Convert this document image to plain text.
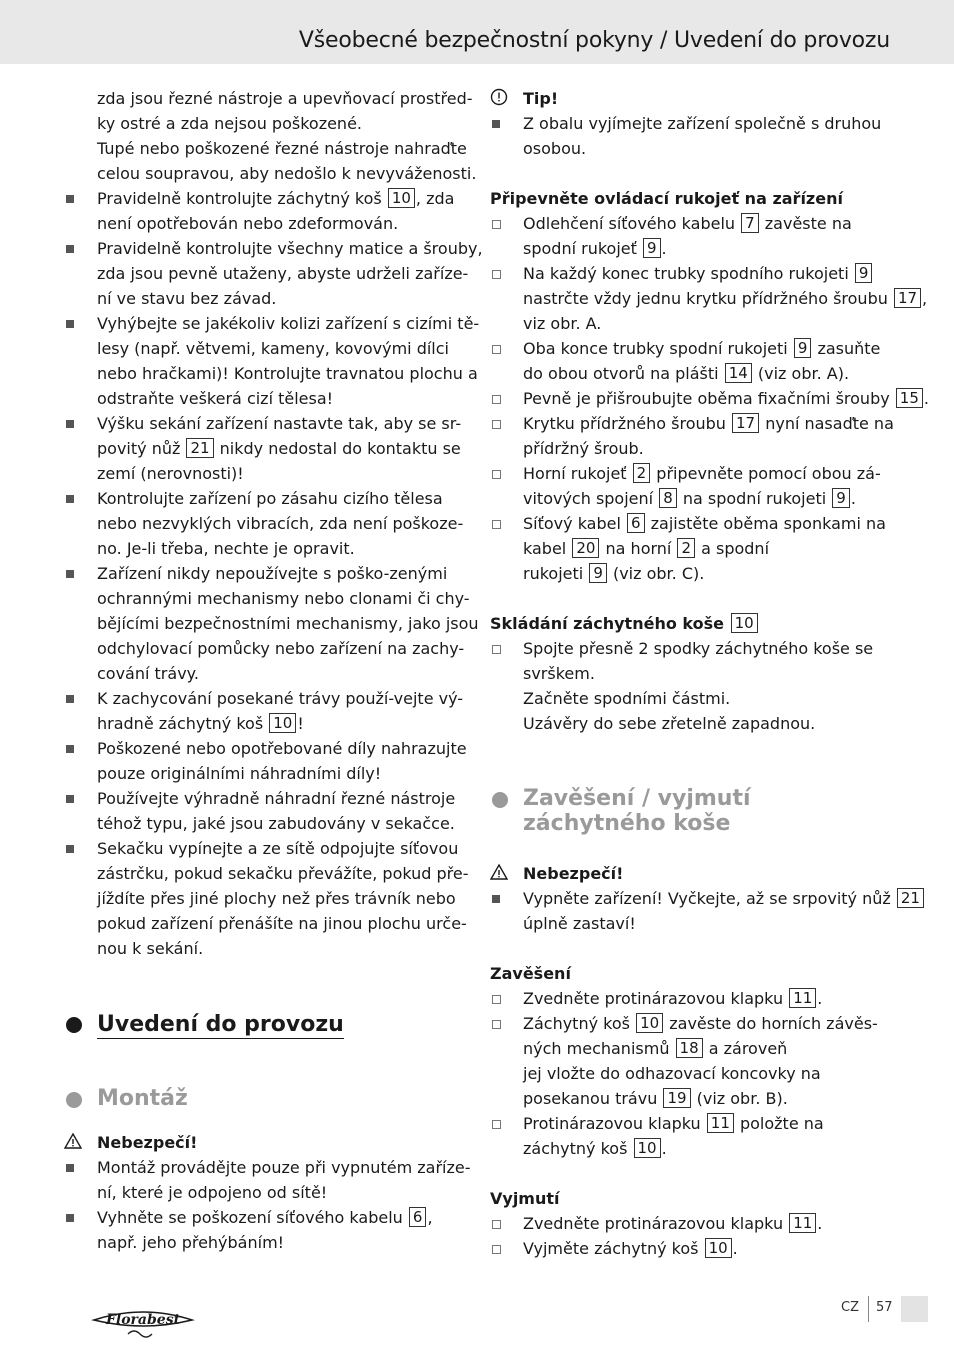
Všeobecné bezpečnostní pokyny / Uvedení do provozu
zda jsou řezné nástroje a upevňovací prostřed-
ky ostré a zda nejsou poškozené.
Tupé nebo poškozené řezné nástroje nahraďte
celou soupravou, aby nedošlo k nevyváženosti.
Pravidelně kontrolujte záchytný koš 10 , zda
není opotřebován nebo zdeformován.
Pravidelně kontrolujte všechny matice a šrouby,
zda jsou pevně utaženy, abyste udrželi zaříze-
ní ve stavu bez závad.
Vyhýbejte se jakékoliv kolizi zařízení s cizími tě-
lesy (např. větvemi, kameny, kovovými dílci
nebo hračkami)! Kontrolujte travnatou plochu a
odstraňte veškerá cizí tělesa!
Výšku sekání zařízení nastavte tak, aby se sr-
povitý nůž 21 nikdy nedostal do kontaktu se
zemí (nerovnosti)!
Kontrolujte zařízení po zásahu cizího tělesa
nebo nezvyklých vibracích, zda není poškoze-
no. Je-li třeba, nechte je opravit.
Zařízení nikdy nepoužívejte s poško-zenými
ochrannými mechanismy nebo clonami či chy-
bějícími bezpečnostními mechanismy, jako jsou
odchylovací pomůcky nebo zařízení na zachy-
cování trávy.
K zachycování posekané trávy použí-vejte vý-
hradně záchytný koš 10 !
Poškozené nebo opotřebované díly nahrazujte
pouze originálními náhradními díly!
Používejte výhradně náhradní řezné nástroje
téhož typu, jaké jsou zabudovány v sekačce.
Sekačku vypínejte a ze sítě odpojujte síťovou
zástrčku, pokud sekačku převážíte, pokud pře-
jíždíte přes jiné plochy než přes trávník nebo
pokud zařízení přenášíte na jinou plochu urče-
nou k sekání.
Uvedení do provozu
Montáž
Nebezpečí!
Montáž provádějte pouze při vypnutém zaříze-
ní, které je odpojeno od sítě!
Vyhněte se poškození síťového kabelu 6 ,
např. jeho přehýbáním!
Tip!
Z obalu vyjímejte zařízení společně s druhou
osobou.
Připevněte ovládací rukojeť na zařízení
Odlehčení síťového kabelu 7 zavěste na
spodní rukojeť 9 .
Na každý konec trubky spodního rukojeti 9
nastrčte vždy jednu krytku přídržného šroubu 17 ,
viz obr. A.
Oba konce trubky spodní rukojeti 9 zasuňte
do obou otvorů na plášti 14 (viz obr. A).
Pevně je přišroubujte oběma fixačními šrouby 15 .
Krytku přídržného šroubu 17 nyní nasaďte na
přídržný šroub.
Horní rukojeť 2 připevněte pomocí obou zá-
vitových spojení 8 na spodní rukojeti 9 .
Síťový kabel 6 zajistěte oběma sponkami na
kabel 20 na horní 2 a spodní
rukojeti 9 (viz obr. C).
Skládání záchytného koše 10
Spojte přesně 2 spodky záchytného koše se
svrškem.
Začněte spodními částmi.
Uzávěry do sebe zřetelně zapadnou.
Zavěšení / vyjmutí
záchytného koše
Nebezpečí!
Vypněte zařízení! Vyčkejte, až se srpovitý nůž 21
úplně zastaví!
Zavěšení
Zvedněte protinárazovou klapku 11 .
Záchytný koš 10 zavěste do horních závěs-
ných mechanismů 18 a zároveň
jej vložte do odhazovací koncovky na
posekanou trávu 19 (viz obr. B).
Protinárazovou klapku 11 položte na
záchytný koš 10 .
Vyjmutí
Zvedněte protinárazovou klapku 11 .
Vyjměte záchytný koš 10 .
Florabest
CZ 57
